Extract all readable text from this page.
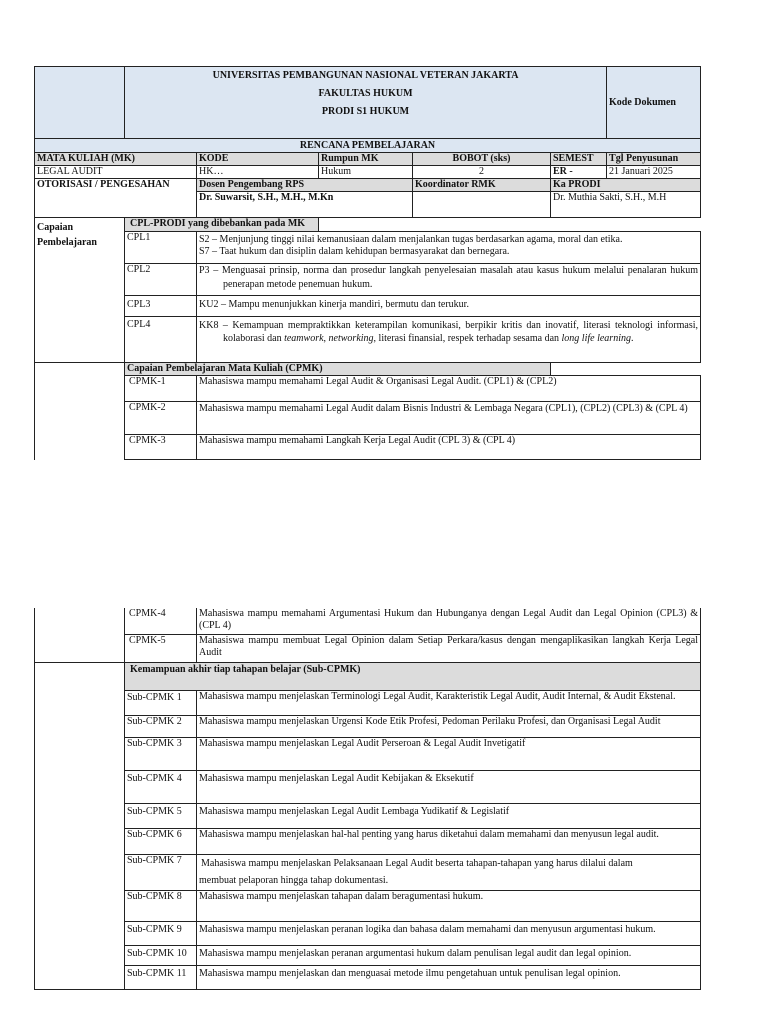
	UNIVERSITAS PEMBANGUNAN NASIONAL VETERAN JAKARTA
FAKULTAS HUKUM
PRODI S1 HUKUM					Kode Dokumen
RENCANA PEMBELAJARAN						
MATA KULIAH (MK)		KODE	Rumpun MK	BOBOT (sks)	SEMEST	Tgl Penyusunan
LEGAL AUDIT		HK…	Hukum	2	ER -	21 Januari 2025
OTORISASI / PENGESAHAN		Dosen Pengembang RPS		Koordinator RMK	Ka PRODI	
		Dr. Suwarsit, S.H., M.H., M.Kn			Dr. Muthia Sakti, S.H., M.H	
Capaian Pembelajaran	CPL-PRODI yang dibebankan pada MK					
	CPL1	S2 – Menjunjung tinggi nilai kemanusiaan dalam menjalankan tugas berdasarkan agama, moral dan etika.
S7 – Taat hukum dan disiplin dalam kehidupan bermasyarakat dan bernegara.				

	CPL2	P3 – Menguasai prinsip, norma dan prosedur langkah penyelesaian masalah atau kasus hukum melalui penalaran hukum penerapan metode penemuan hukum.				

	CPL3	KU2 – Mampu menunjukkan kinerja mandiri, bermutu dan terukur.				
	CPL4	KK8 – Kemampuan mempraktikkan keterampilan komunikasi, berpikir kritis dan inovatif, literasi teknologi informasi, kolaborasi dan teamwork, networking, literasi finansial, respek terhadap sesama dan long life learning.				

	Capaian Pembelajaran Mata Kuliah (CPMK)					
	CPMK-1	Mahasiswa mampu memahami Legal Audit & Organisasi Legal Audit. (CPL1) & (CPL2)				
	CPMK-2	Mahasiswa mampu memahami Legal Audit dalam Bisnis Industri & Lembaga Negara (CPL1), (CPL2) (CPL3) & (CPL 4)				
	CPMK-3	Mahasiswa mampu memahami Langkah Kerja Legal Audit (CPL 3) & (CPL 4)				
	CPMK-4	Mahasiswa mampu memahami Argumentasi Hukum dan Hubunganya dengan Legal Audit dan Legal Opinion (CPL3) & (CPL 4)
	CPMK-5	Mahasiswa mampu membuat Legal Opinion dalam Setiap Perkara/kasus dengan mengaplikasikan langkah Kerja Legal Audit
	Kemampuan akhir tiap tahapan belajar (Sub-CPMK)	
	Sub-CPMK 1	Mahasiswa mampu menjelaskan Terminologi Legal Audit, Karakteristik Legal Audit, Audit Internal, & Audit Ekstenal.
	Sub-CPMK 2	Mahasiswa mampu menjelaskan Urgensi Kode Etik Profesi, Pedoman Perilaku Profesi, dan Organisasi Legal Audit
	Sub-CPMK 3	Mahasiswa mampu menjelaskan Legal Audit Perseroan & Legal Audit Invetigatif
	Sub-CPMK 4	Mahasiswa mampu menjelaskan Legal Audit Kebijakan & Eksekutif
	Sub-CPMK 5	Mahasiswa mampu menjelaskan Legal Audit Lembaga Yudikatif & Legislatif
	Sub-CPMK 6	Mahasiswa mampu menjelaskan hal-hal penting yang harus diketahui dalam memahami dan menyusun legal audit.

	Sub-CPMK 7	Mahasiswa mampu menjelaskan Pelaksanaan Legal Audit beserta tahapan-tahapan yang harus dilalui dalam
membuat pelaporan hingga tahap dokumentasi.

	Sub-CPMK 8	Mahasiswa mampu menjelaskan tahapan dalam beragumentasi hukum.
	Sub-CPMK 9	Mahasiswa mampu menjelaskan peranan logika dan bahasa dalam memahami dan menyusun argumentasi hukum.
	Sub-CPMK 10	Mahasiswa mampu menjelaskan peranan argumentasi hukum dalam penulisan legal audit dan legal opinion.
	Sub-CPMK 11	Mahasiswa mampu menjelaskan dan menguasai metode ilmu pengetahuan untuk penulisan legal opinion.
